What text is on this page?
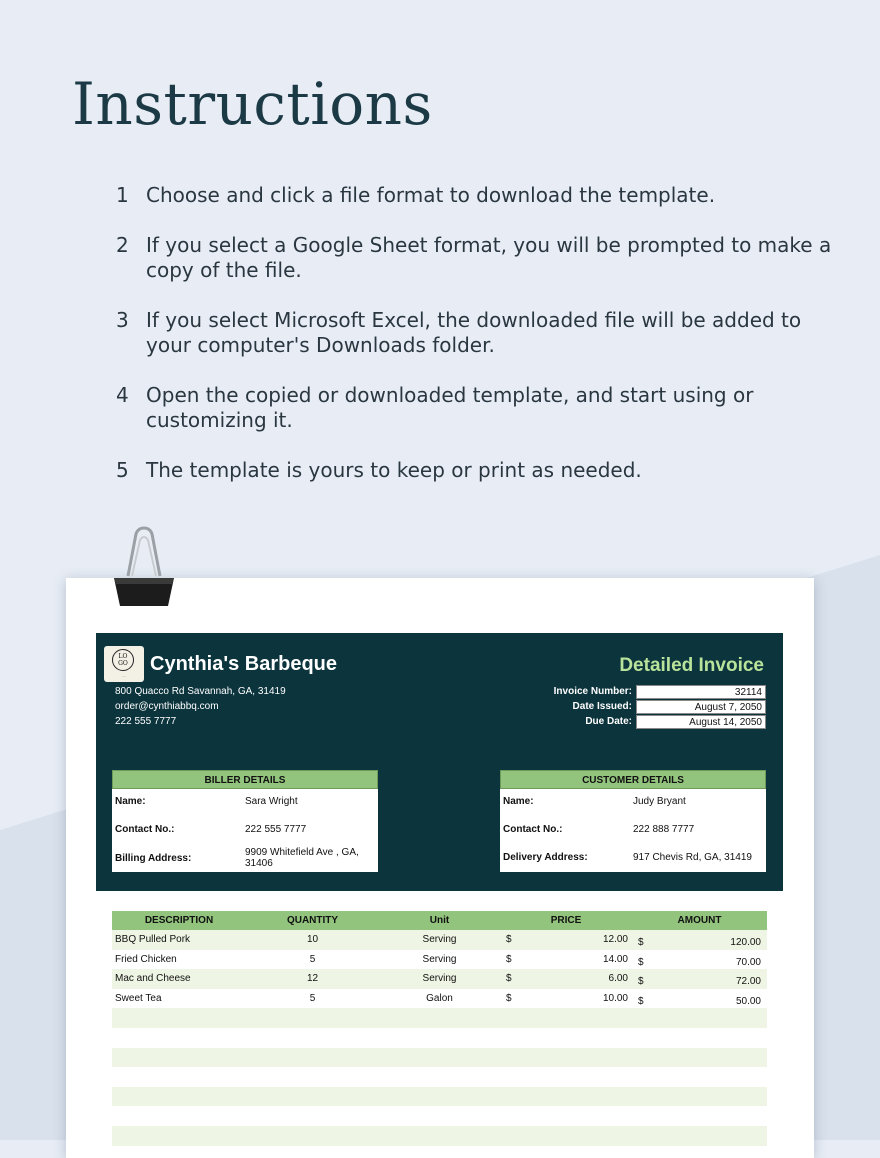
Instructions
1 Choose and click a file format to download the template.
2 If you select a Google Sheet format, you will be prompted to make a copy of the file.
3 If you select Microsoft Excel, the downloaded file will be added to your computer's Downloads folder.
4 Open the copied or downloaded template, and start using or customizing it.
5 The template is yours to keep or print as needed.
LO GO
·····
Cynthia's Barbeque
800 Quacco Rd Savannah, GA, 31419
order@cynthiabbq.com
222 555 7777
Detailed Invoice
Invoice Number:	32114
Date Issued:	August 7, 2050
Due Date:	August 14, 2050
BILLER DETAILS
Name:	Sara Wright
Contact No.:	222 555 7777
Billing Address:	9909 Whitefield Ave , GA, 31406
CUSTOMER DETAILS
Name:	Judy Bryant
Contact No.:	222 888 7777
Delivery Address:	917 Chevis Rd, GA, 31419
DESCRIPTION	QUANTITY	Unit	PRICE	AMOUNT
BBQ Pulled Pork	10	Serving	$	12.00 $	120.00
Fried Chicken	5	Serving	$	14.00 $	70.00
Mac and Cheese	12	Serving	$	6.00 $	72.00
Sweet Tea	5	Galon	$	10.00 $	50.00
